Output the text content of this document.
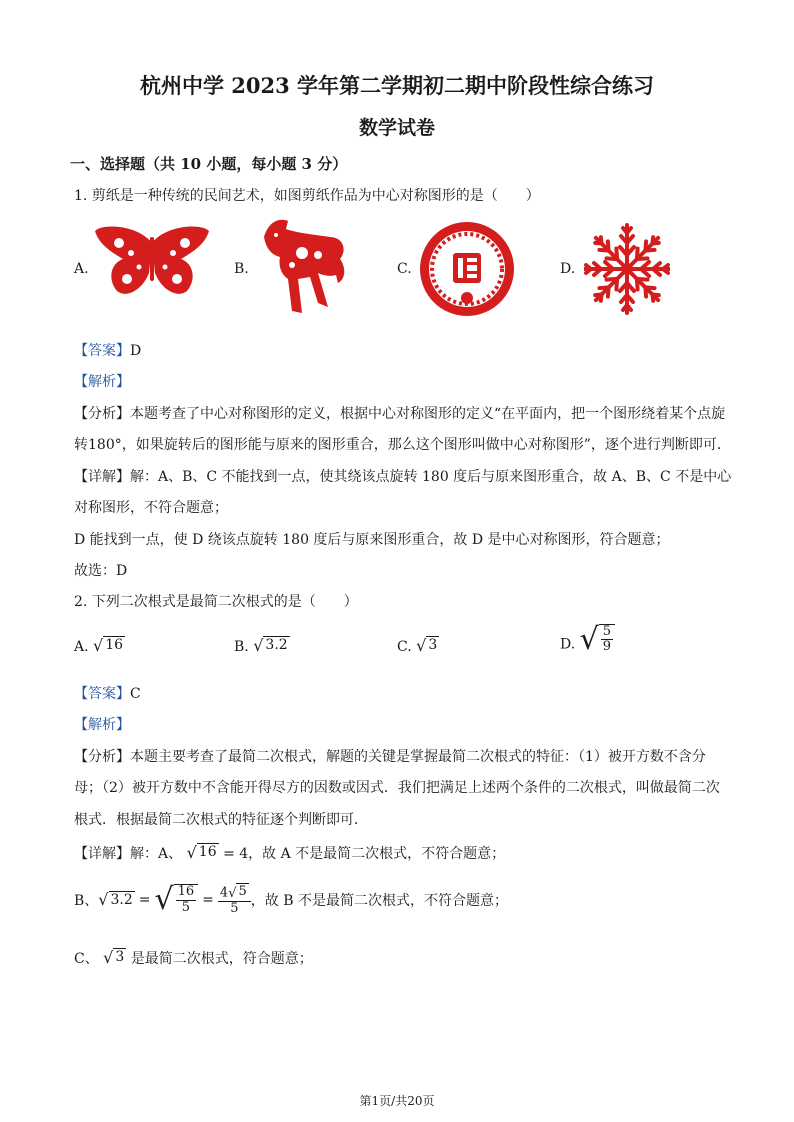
杭州中学 2023 学年第二学期初二期中阶段性综合练习
数学试卷
一、选择题（共 10 小题，每小题 3 分）
1. 剪纸是一种传统的民间艺术，如图剪纸作品为中心对称图形的是（　　）
A.	B.	C.	D.
【答案】D
【解析】
【分析】本题考查了中心对称图形的定义，根据中心对称图形的定义“在平面内，把一个图形绕着某个点旋
转180°，如果旋转后的图形能与原来的图形重合，那么这个图形叫做中心对称图形”，逐个进行判断即可．
【详解】解：A、B、C 不能找到一点，使其绕该点旋转 180 度后与原来图形重合，故 A、B、C 不是中心
对称图形，不符合题意；
D 能找到一点，使 D 绕该点旋转 180 度后与原来图形重合，故 D 是中心对称图形，符合题意；
故选：D
2. 下列二次根式是最简二次根式的是（　　）
A. √ 16	B. √ 3.2	C. √ 3	D. √ $\frac{5}{9}$
【答案】C
【解析】
【分析】本题主要考查了最简二次根式，解题的关键是掌握最简二次根式的特征：（1）被开方数不含分
母；（2）被开方数中不含能开得尽方的因数或因式．我们把满足上述两个条件的二次根式，叫做最简二次
根式．根据最简二次根式的特征逐个判断即可．
【详解】解：A、 √ 16 = 4，故 A 不是最简二次根式，不符合题意；
B、 √ 3.2 = √ $\frac{16}{5} = \frac{4 √ 5}{5}$ ，故 B 不是最简二次根式，不符合题意；
C、 √ 3 是最简二次根式，符合题意；
第1页/共20页
